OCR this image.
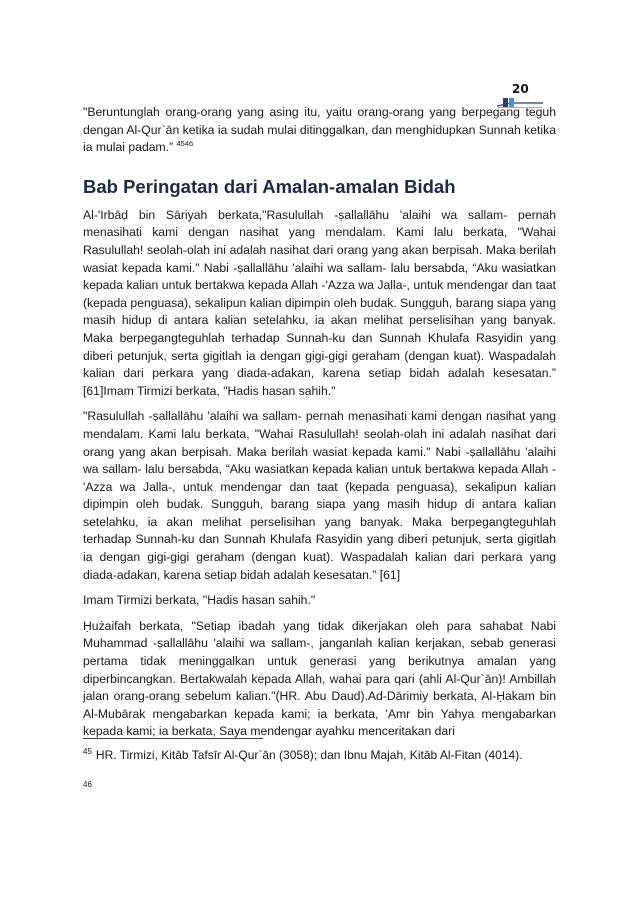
20

"Beruntunglah orang-orang yang asing itu, yaitu orang-orang yang berpegang teguh dengan Al-Qur`ān ketika ia sudah mulai ditinggalkan, dan menghidupkan Sunnah ketika ia mulai padam.” $^{4546}$

Bab Peringatan dari Amalan-amalan Bidah

Al-'Irbāḍ bin Sāriyah berkata,"Rasulullah -ṣallallāhu 'alaihi wa sallam- pernah menasihati kami dengan nasihat yang mendalam. Kami lalu berkata, "Wahai Rasulullah! seolah-olah ini adalah nasihat dari orang yang akan berpisah. Maka berilah wasiat kepada kami." Nabi -ṣallallāhu 'alaihi wa sallam- lalu bersabda, “Aku wasiatkan kepada kalian untuk bertakwa kepada Allah -'Azza wa Jalla-, untuk mendengar dan taat (kepada penguasa), sekalipun kalian dipimpin oleh budak. Sungguh, barang siapa yang masih hidup di antara kalian setelahku, ia akan melihat perselisihan yang banyak. Maka berpegangteguhlah terhadap Sunnah-ku dan Sunnah Khulafa Rasyidin yang diberi petunjuk, serta gigitlah ia dengan gigi-gigi geraham (dengan kuat). Waspadalah kalian dari perkara yang diada-adakan, karena setiap bidah adalah kesesatan.” [61]Imam Tirmizi berkata, "Hadis hasan sahih."

"Rasulullah -ṣallallāhu 'alaihi wa sallam- pernah menasihati kami dengan nasihat yang mendalam. Kami lalu berkata, "Wahai Rasulullah! seolah-olah ini adalah nasihat dari orang yang akan berpisah. Maka berilah wasiat kepada kami." Nabi -ṣallallāhu 'alaihi wa sallam- lalu bersabda, “Aku wasiatkan kepada kalian untuk bertakwa kepada Allah -'Azza wa Jalla-, untuk mendengar dan taat (kepada penguasa), sekalipun kalian dipimpin oleh budak. Sungguh, barang siapa yang masih hidup di antara kalian setelahku, ia akan melihat perselisihan yang banyak. Maka berpegangteguhlah terhadap Sunnah-ku dan Sunnah Khulafa Rasyidin yang diberi petunjuk, serta gigitlah ia dengan gigi-gigi geraham (dengan kuat). Waspadalah kalian dari perkara yang diada-adakan, karena setiap bidah adalah kesesatan.” [61]

Imam Tirmizi berkata, "Hadis hasan sahih."

Ḥużaifah berkata, "Setiap ibadah yang tidak dikerjakan oleh para sahabat Nabi Muhammad -ṣallallāhu 'alaihi wa sallam-, janganlah kalian kerjakan, sebab generasi pertama tidak meninggalkan untuk generasi yang berikutnya amalan yang diperbincangkan. Bertakwalah kepada Allah, wahai para qari (ahli Al-Qur`ān)! Ambillah jalan orang-orang sebelum kalian."(HR. Abu Daud).Ad-Dārimiy berkata, Al-Ḥakam bin Al-Mubārak mengabarkan kepada kami; ia berkata, 'Amr bin Yahya mengabarkan kepada kami; ia berkata, Saya mendengar ayahku menceritakan dari

$^{45}$ HR. Tirmizi, Kitāb Tafsīr Al-Qur`ān (3058); dan Ibnu Majah, Kitāb Al-Fitan (4014).
46
